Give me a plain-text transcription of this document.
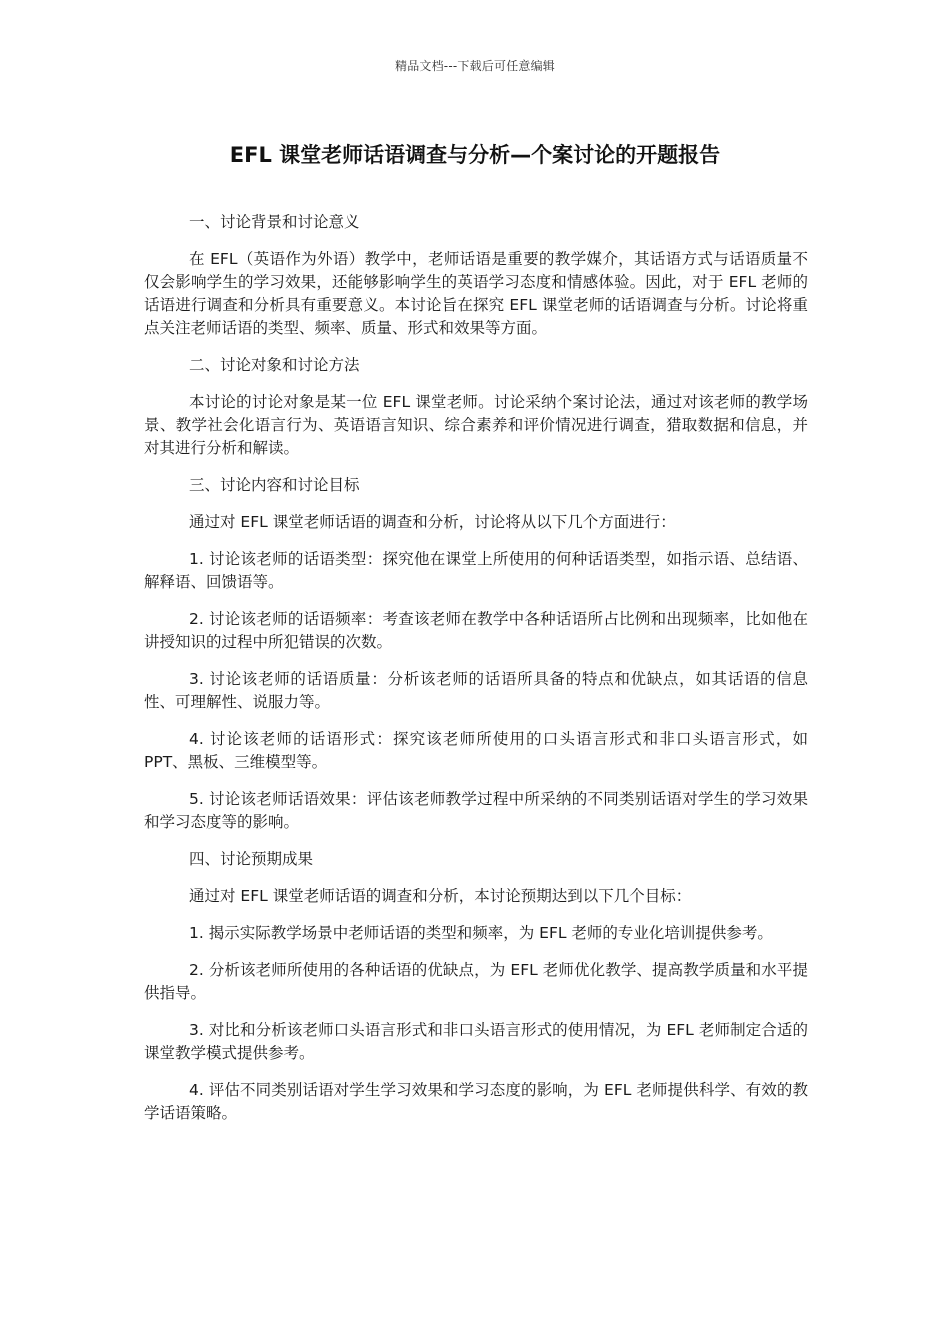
精品文档---下载后可任意编辑
EFL 课堂老师话语调查与分析—个案讨论的开题报告

一、讨论背景和讨论意义

在 EFL（英语作为外语）教学中，老师话语是重要的教学媒介，其话语方式与话语质量不仅会影响学生的学习效果，还能够影响学生的英语学习态度和情感体验。因此，对于 EFL 老师的话语进行调查和分析具有重要意义。本讨论旨在探究 EFL 课堂老师的话语调查与分析。讨论将重点关注老师话语的类型、频率、质量、形式和效果等方面。

二、讨论对象和讨论方法

本讨论的讨论对象是某一位 EFL 课堂老师。讨论采纳个案讨论法，通过对该老师的教学场景、教学社会化语言行为、英语语言知识、综合素养和评价情况进行调查，猎取数据和信息，并对其进行分析和解读。

三、讨论内容和讨论目标

通过对 EFL 课堂老师话语的调查和分析，讨论将从以下几个方面进行：

1. 讨论该老师的话语类型：探究他在课堂上所使用的何种话语类型，如指示语、总结语、解释语、回馈语等。

2. 讨论该老师的话语频率：考查该老师在教学中各种话语所占比例和出现频率，比如他在讲授知识的过程中所犯错误的次数。

3. 讨论该老师的话语质量：分析该老师的话语所具备的特点和优缺点，如其话语的信息性、可理解性、说服力等。

4. 讨论该老师的话语形式：探究该老师所使用的口头语言形式和非口头语言形式，如 PPT、黑板、三维模型等。

5. 讨论该老师话语效果：评估该老师教学过程中所采纳的不同类别话语对学生的学习效果和学习态度等的影响。

四、讨论预期成果

通过对 EFL 课堂老师话语的调查和分析，本讨论预期达到以下几个目标：

1. 揭示实际教学场景中老师话语的类型和频率，为 EFL 老师的专业化培训提供参考。

2. 分析该老师所使用的各种话语的优缺点，为 EFL 老师优化教学、提高教学质量和水平提供指导。

3. 对比和分析该老师口头语言形式和非口头语言形式的使用情况，为 EFL 老师制定合适的课堂教学模式提供参考。

4. 评估不同类别话语对学生学习效果和学习态度的影响，为 EFL 老师提供科学、有效的教学话语策略。
